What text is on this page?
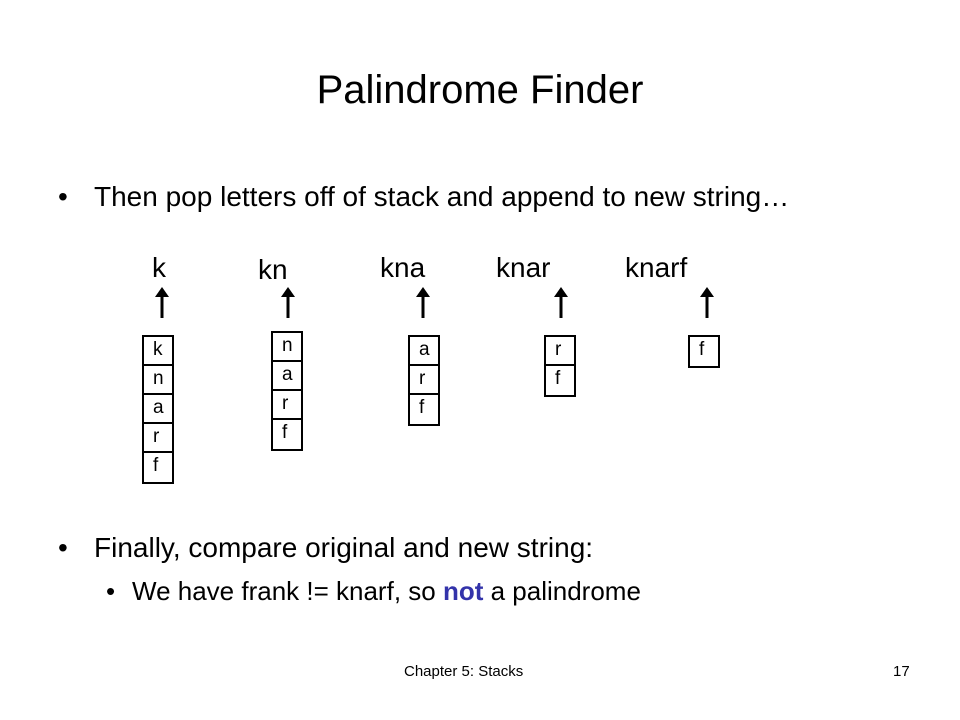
Palindrome Finder
• Then pop letters off of stack and append to new string…
k
k
n
a
r
f
kn
n
a
r
f
kna
a
r
f
knar
r
f
knarf
f
• Finally, compare original and new string:
• We have frank != knarf, so not a palindrome
Chapter 5: Stacks	17
